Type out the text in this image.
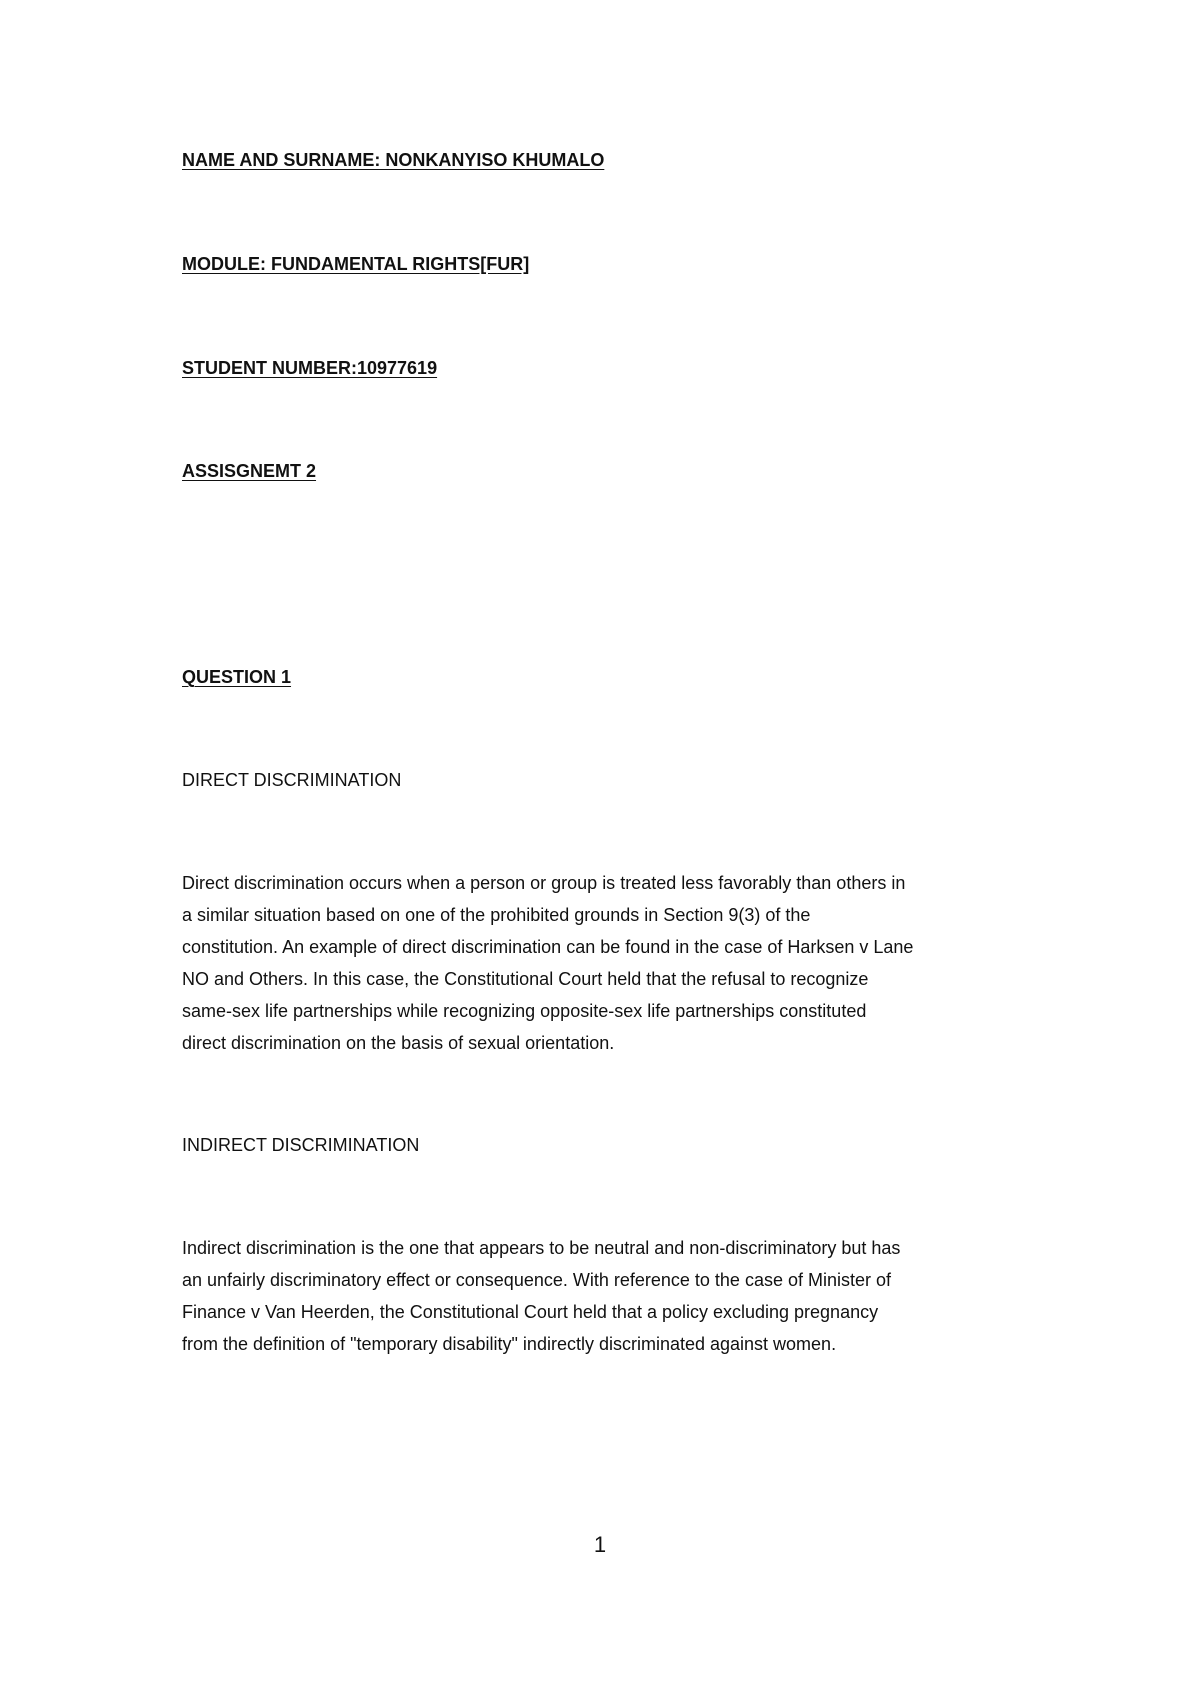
NAME AND SURNAME: NONKANYISO KHUMALO

MODULE: FUNDAMENTAL RIGHTS[FUR]

STUDENT NUMBER:10977619

ASSISGNEMT 2

QUESTION 1

DIRECT DISCRIMINATION

Direct discrimination occurs when a person or group is treated less favorably than others in
a similar situation based on one of the prohibited grounds in Section 9(3) of the
constitution. An example of direct discrimination can be found in the case of Harksen v Lane
NO and Others. In this case, the Constitutional Court held that the refusal to recognize
same-sex life partnerships while recognizing opposite-sex life partnerships constituted
direct discrimination on the basis of sexual orientation.

INDIRECT DISCRIMINATION

Indirect discrimination is the one that appears to be neutral and non-discriminatory but has
an unfairly discriminatory effect or consequence. With reference to the case of Minister of
Finance v Van Heerden, the Constitutional Court held that a policy excluding pregnancy
from the definition of "temporary disability" indirectly discriminated against women.

1
